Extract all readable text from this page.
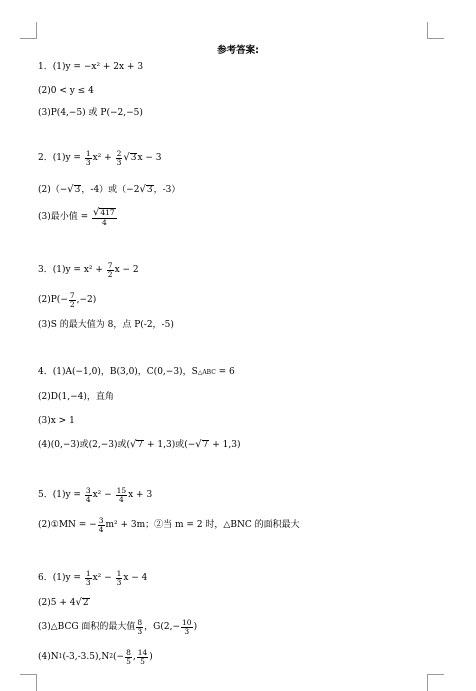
参考答案:
1．(1)y = −x² + 2x + 3
(2)0 < y ≤ 4
(3)P(4,−5) 或 P(−2,−5)
2．$(1)y = \frac{1}{3} x^2 + \frac{2}{3}$ √ 3 x − 3
(2)（− √ 3 ，-4）或（−2 √ 3 ，-3）
(3)最小值 = $\frac{√ 417}{4}$
3．$(1)y = x^2 + \frac{7}{2}$ x − 2
$(2)P(- \frac{7}{2} ,-2)$
(3)S 的最大值为 8，点 P(-2，-5)
4．(1)A(−1,0)，B(3,0)，C(0,−3)，S △ABC = 6
(2)D(1,−4)，直角
(3)x > 1
(4)(0,−3)或(2,−3)或( √ 7 + 1,3)或(− √ 7 + 1,3)
5．$(1)y = \frac{3}{4} x^2 - \frac{15}{4}$ x + 3
(2)①MN = − $\frac{3}{4} m^2 + 3m$；②当 m = 2 时，△BNC 的面积最大
6．$(1)y = \frac{1}{3} x^2 - \frac{1}{3}$ x − 4
(2)5 + 4 √ 2
(3)△BCG 面积的最大值 $\frac{8}{3}$ ，$G(2,- \frac{10}{3}$ )
(4)N 1 (-3,-3.5),N 2 (− $\frac{8}{5}$ , $\frac{14}{5}$ )
